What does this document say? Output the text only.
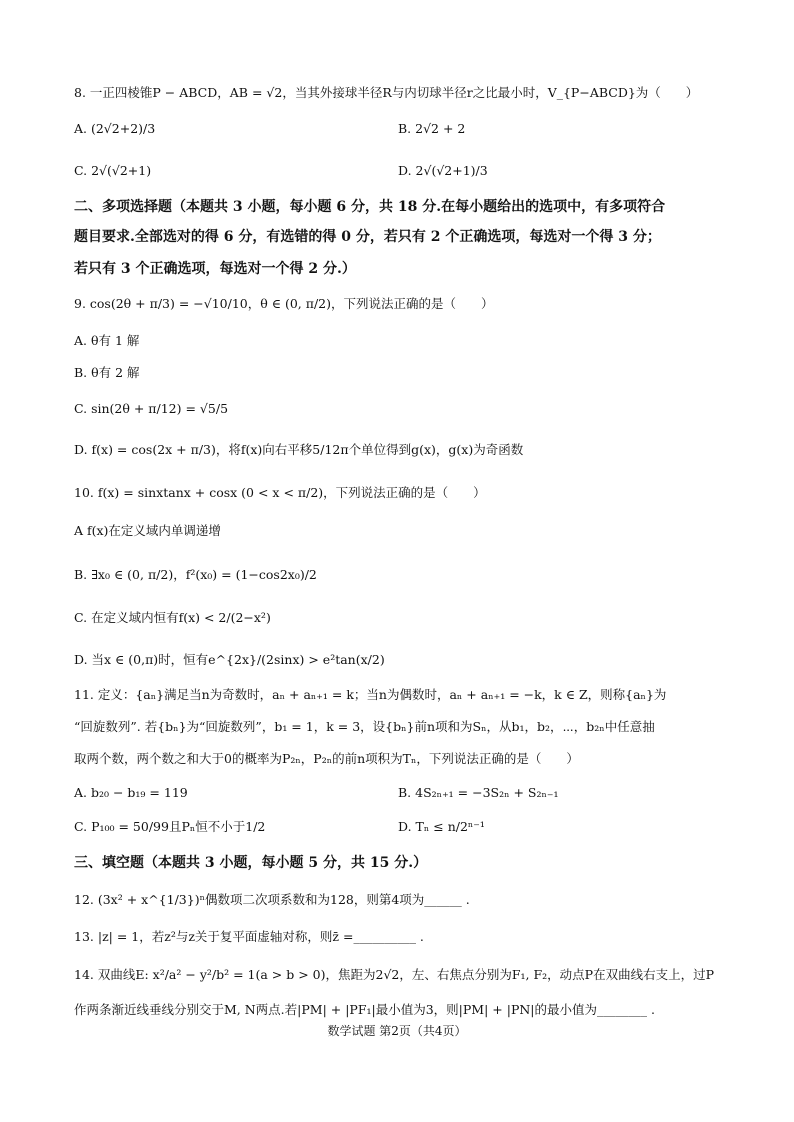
8. 一正四棱锥P − ABCD，AB = √2，当其外接球半径R与内切球半径r之比最小时，V_{P−ABCD}为（　　）
A. (2√2+2)/3	B. 2√2 + 2
C. 2√(√2+1)	D. 2√(√2+1)/3
二、多项选择题（本题共 3 小题，每小题 6 分，共 18 分.在每小题给出的选项中，有多项符合
题目要求.全部选对的得 6 分，有选错的得 0 分，若只有 2 个正确选项，每选对一个得 3 分；
若只有 3 个正确选项，每选对一个得 2 分.）
9. cos(2θ + π/3) = −√10/10，θ ∈ (0, π/2)，下列说法正确的是（　　）
A. θ有 1 解
B. θ有 2 解
C. sin(2θ + π/12) = √5/5
D. f(x) = cos(2x + π/3)，将f(x)向右平移5/12π个单位得到g(x)，g(x)为奇函数
10. f(x) = sinxtanx + cosx (0 < x < π/2)，下列说法正确的是（　　）
A f(x)在定义域内单调递增
B. ∃x₀ ∈ (0, π/2)，f²(x₀) = (1−cos2x₀)/2
C. 在定义域内恒有f(x) < 2/(2−x²)
D. 当x ∈ (0,π)时，恒有e^{2x}/(2sinx) > e²tan(x/2)
11. 定义：{aₙ}满足当n为奇数时，aₙ + aₙ₊₁ = k；当n为偶数时，aₙ + aₙ₊₁ = −k，k ∈ Z，则称{aₙ}为
“回旋数列”. 若{bₙ}为“回旋数列”，b₁ = 1，k = 3，设{bₙ}前n项和为Sₙ，从b₁，b₂，⋯，b₂ₙ中任意抽
取两个数，两个数之和大于0的概率为P₂ₙ，P₂ₙ的前n项积为Tₙ，下列说法正确的是（　　）
A. b₂₀ − b₁₉ = 119	B. 4S₂ₙ₊₁ = −3S₂ₙ + S₂ₙ₋₁
C. P₁₀₀ = 50/99且Pₙ恒不小于1/2	D. Tₙ ≤ n/2ⁿ⁻¹
三、填空题（本题共 3 小题，每小题 5 分，共 15 分.）
12. (3x² + x^{1/3})ⁿ偶数项二次项系数和为128，则第4项为______ .
13. |z| = 1，若z²与z关于复平面虚轴对称，则z̄ =__________ .
14. 双曲线E: x²/a² − y²/b² = 1(a > b > 0)，焦距为2√2，左、右焦点分别为F₁, F₂，动点P在双曲线右支上，过P
作两条渐近线垂线分别交于M, N两点.若|PM| + |PF₁|最小值为3，则|PM| + |PN|的最小值为________ .
数学试题 第2页（共4页）
